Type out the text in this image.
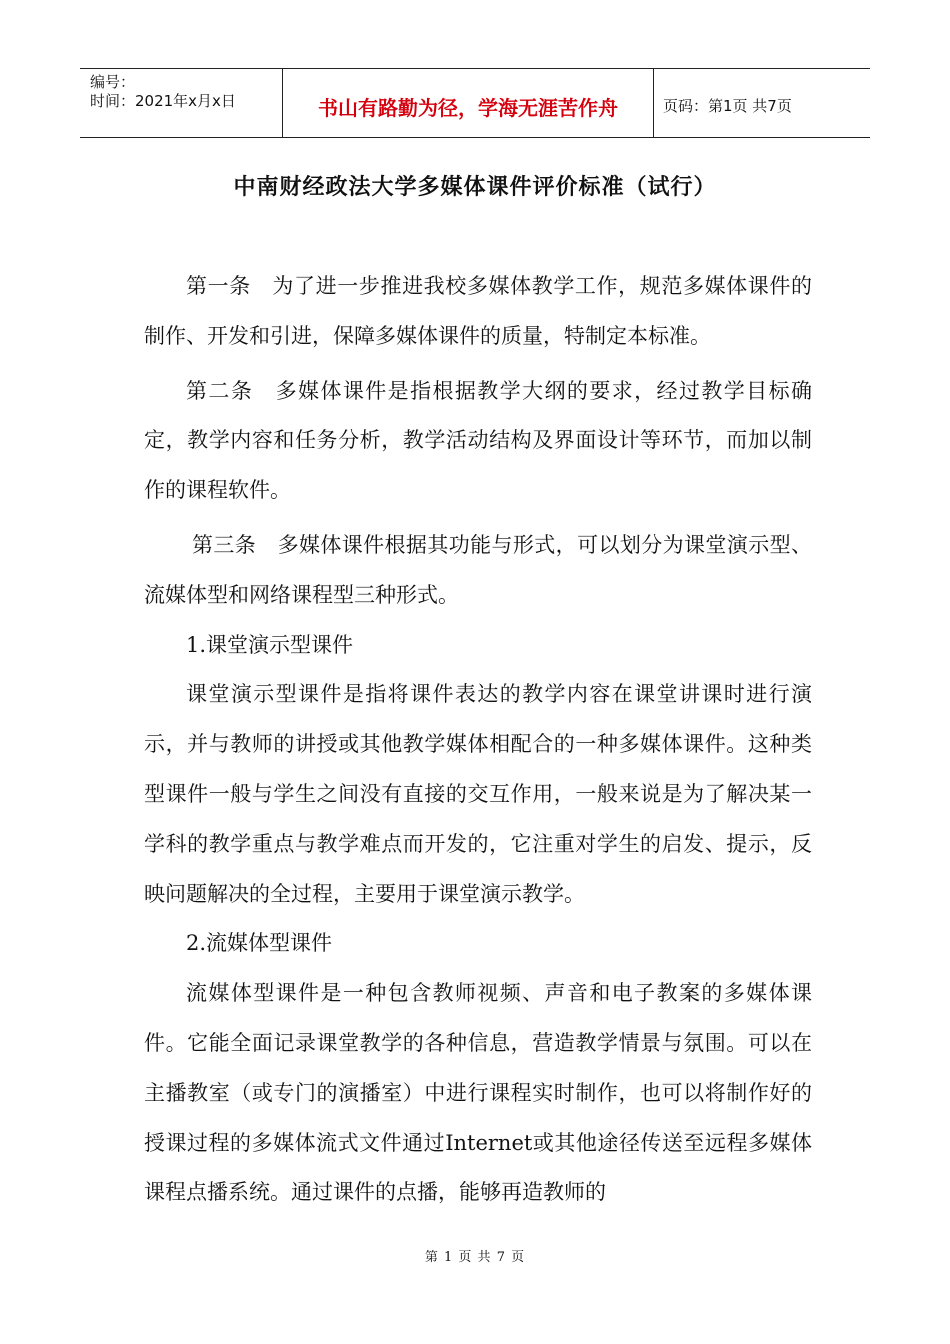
编号：
时间：2021年x月x日	书山有路勤为径，学海无涯苦作舟	页码：第1页 共7页
中南财经政法大学多媒体课件评价标准（试行）

第一条　为了进一步推进我校多媒体教学工作，规范多媒体课件的制作、开发和引进，保障多媒体课件的质量，特制定本标准。

第二条　多媒体课件是指根据教学大纲的要求，经过教学目标确定，教学内容和任务分析，教学活动结构及界面设计等环节，而加以制作的课程软件。

第三条　多媒体课件根据其功能与形式，可以划分为课堂演示型、流媒体型和网络课程型三种形式。

1.课堂演示型课件

课堂演示型课件是指将课件表达的教学内容在课堂讲课时进行演示，并与教师的讲授或其他教学媒体相配合的一种多媒体课件。这种类型课件一般与学生之间没有直接的交互作用，一般来说是为了解决某一学科的教学重点与教学难点而开发的，它注重对学生的启发、提示，反映问题解决的全过程，主要用于课堂演示教学。

2.流媒体型课件

流媒体型课件是一种包含教师视频、声音和电子教案的多媒体课件。它能全面记录课堂教学的各种信息，营造教学情景与氛围。可以在主播教室（或专门的演播室）中进行课程实时制作，也可以将制作好的授课过程的多媒体流式文件通过Internet或其他途径传送至远程多媒体课程点播系统。通过课件的点播，能够再造教师的

第 1 页 共 7 页
